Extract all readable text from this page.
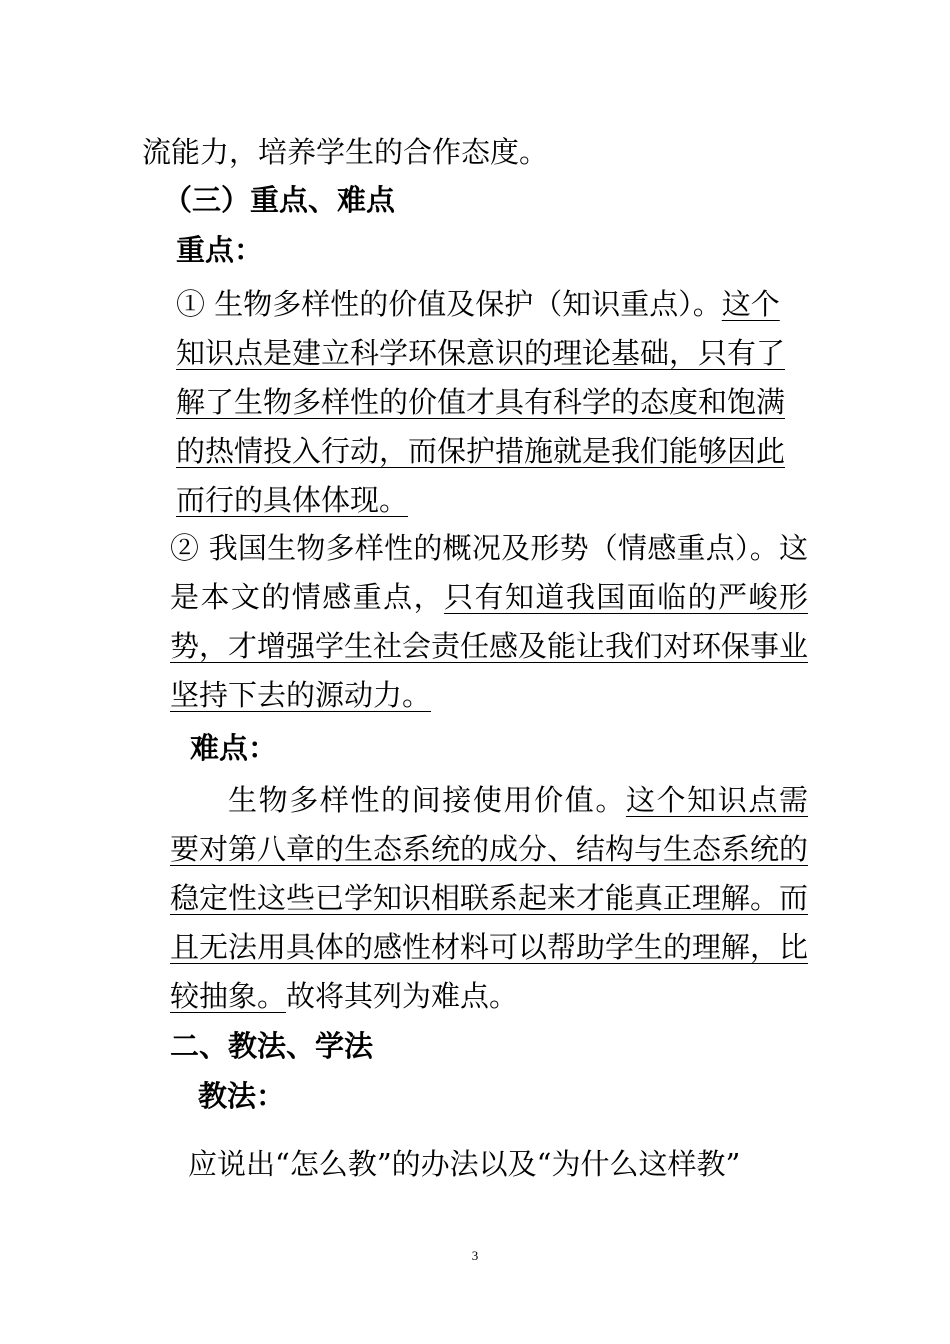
流能力，培养学生的合作态度。
（三）重点、难点
重点：
① 生物多样性的价值及保护（知识重点）。这个知识点是建立科学环保意识的理论基础，只有了解了生物多样性的价值才具有科学的态度和饱满的热情投入行动，而保护措施就是我们能够因此而行的具体体现。

② 我国生物多样性的概况及形势（情感重点）。这是本文的情感重点，只有知道我国面临的严峻形势，才增强学生社会责任感及能让我们对环保事业坚持下去的源动力。

难点：

生物多样性的间接使用价值。这个知识点需要对第八章的生态系统的成分、结构与生态系统的稳定性这些已学知识相联系起来才能真正理解。而且无法用具体的感性材料可以帮助学生的理解，比较抽象。故将其列为难点。

二、教法、学法
教法：
应说出“怎么教”的办法以及“为什么这样教”
3
